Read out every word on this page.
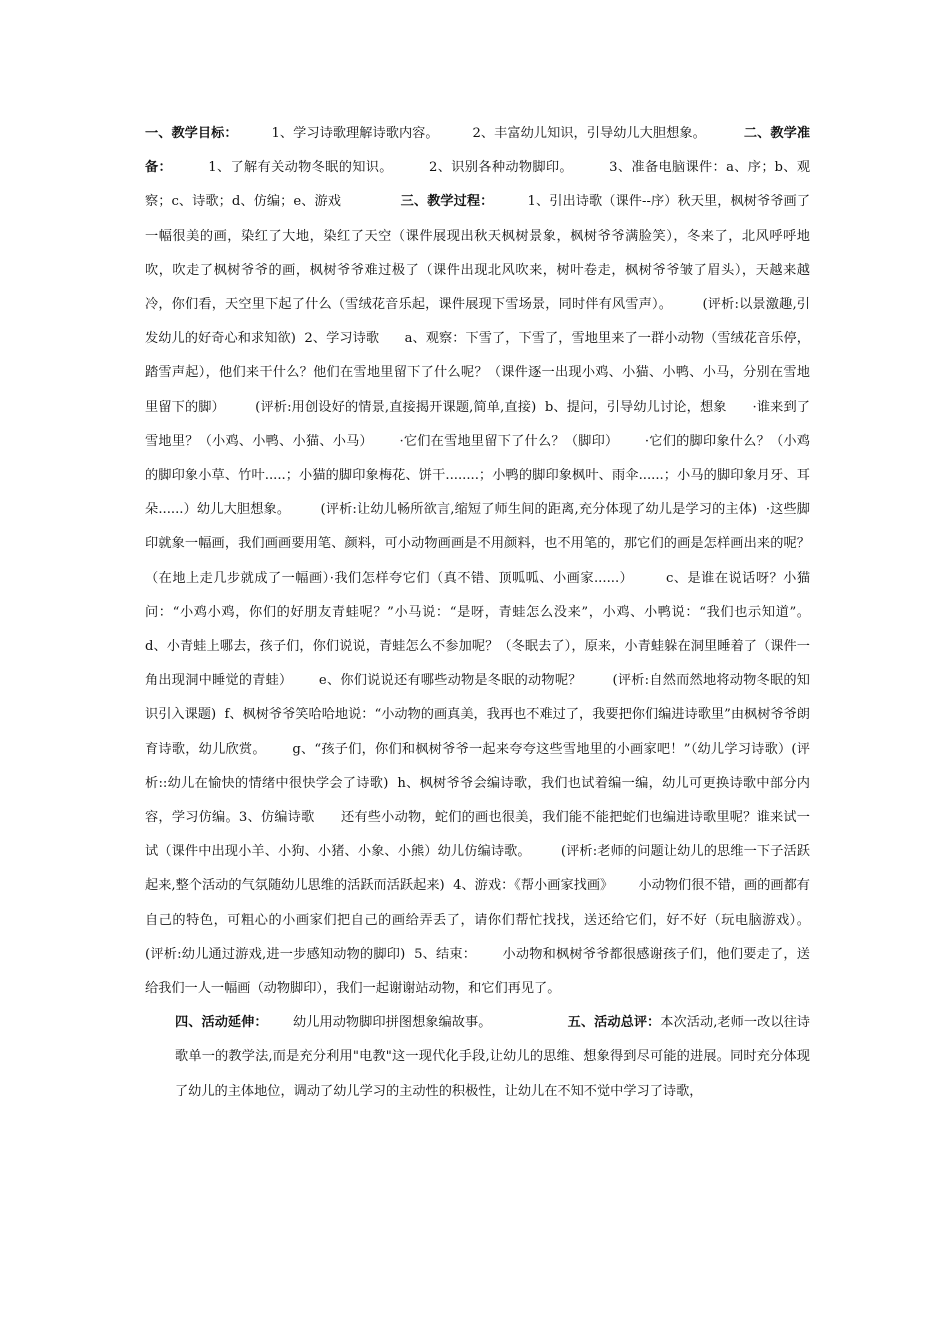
一、教学目标：        1、学习诗歌理解诗歌内容。        2、丰富幼儿知识，引导幼儿大胆想象。         二、教学准备：        1、了解有关动物冬眠的知识。        2、识别各种动物脚印。        3、准备电脑课件：a、序；b、观察；c、诗歌；d、仿编；e、游戏              三、教学过程：        1、引出诗歌（课件--序）秋天里，枫树爷爷画了一幅很美的画，染红了大地，染红了天空（课件展现出秋天枫树景象，枫树爷爷满脸笑），冬来了，北风呼呼地吹，吹走了枫树爷爷的画，枫树爷爷难过极了（课件出现北风吹来，树叶卷走，枫树爷爷皱了眉头），天越来越冷，你们看，天空里下起了什么（雪绒花音乐起，课件展现下雪场景，同时伴有风雪声）。       (评析:以景激趣,引发幼儿的好奇心和求知欲)  2、学习诗歌      a、观察：下雪了，下雪了，雪地里来了一群小动物（雪绒花音乐停，踏雪声起），他们来干什么？他们在雪地里留下了什么呢？（课件逐一出现小鸡、小猫、小鸭、小马，分别在雪地里留下的脚）       (评析:用创设好的情景,直接揭开课题,简单,直接)  b、提问，引导幼儿讨论，想象      ·谁来到了雪地里？（小鸡、小鸭、小猫、小马）      ·它们在雪地里留下了什么？（脚印）      ·它们的脚印象什么？（小鸡的脚印象小草、竹叶.....；小猫的脚印象梅花、饼干........；小鸭的脚印象枫叶、雨伞......；小马的脚印象月牙、耳朵......）幼儿大胆想象。       (评析:让幼儿畅所欲言,缩短了师生间的距离,充分体现了幼儿是学习的主体)  ·这些脚印就象一幅画，我们画画要用笔、颜料，可小动物画画是不用颜料，也不用笔的，那它们的画是怎样画出来的呢？（在地上走几步就成了一幅画）·我们怎样夸它们（真不错、顶呱呱、小画家......）       c、是谁在说话呀？小猫问：“小鸡小鸡，你们的好朋友青蛙呢？”小马说：“是呀，青蛙怎么没来”，小鸡、小鸭说：“我们也示知道”。      d、小青蛙上哪去，孩子们，你们说说，青蛙怎么不参加呢？（冬眠去了），原来，小青蛙躲在洞里睡着了（课件一角出现洞中睡觉的青蛙）      e、你们说说还有哪些动物是冬眠的动物呢？       (评析:自然而然地将动物冬眠的知识引入课题)  f、枫树爷爷笑哈哈地说：“小动物的画真美，我再也不难过了，我要把你们编进诗歌里”由枫树爷爷朗育诗歌，幼儿欣赏。      g、“孩子们，你们和枫树爷爷一起来夸夸这些雪地里的小画家吧！”（幼儿学习诗歌）(评析::幼儿在愉快的情绪中很快学会了诗歌)  h、枫树爷爷会编诗歌，我们也试着编一编，幼儿可更换诗歌中部分内容，学习仿编。3、仿编诗歌      还有些小动物，蛇们的画也很美，我们能不能把蛇们也编进诗歌里呢？谁来试一试（课件中出现小羊、小狗、小猪、小象、小熊）幼儿仿编诗歌。       (评析:老师的问题让幼儿的思维一下子活跃起来,整个活动的气氛随幼儿思维的活跃而活跃起来)  4、游戏：《帮小画家找画》      小动物们很不错，画的画都有自己的特色，可粗心的小画家们把自己的画给弄丢了，请你们帮忙找找，送还给它们，好不好（玩电脑游戏）。       (评析:幼儿通过游戏,进一步感知动物的脚印)  5、结束：      小动物和枫树爷爷都很感谢孩子们，他们要走了，送给我们一人一幅画（动物脚印），我们一起谢谢站动物，和它们再见了。

四、活动延伸：      幼儿用动物脚印拼图想象编故事。                  五、活动总评：本次活动,老师一改以往诗歌单一的教学法,而是充分利用"电教"这一现代化手段,让幼儿的思维、想象得到尽可能的进展。同时充分体现了幼儿的主体地位，调动了幼儿学习的主动性的积极性，让幼儿在不知不觉中学习了诗歌，
